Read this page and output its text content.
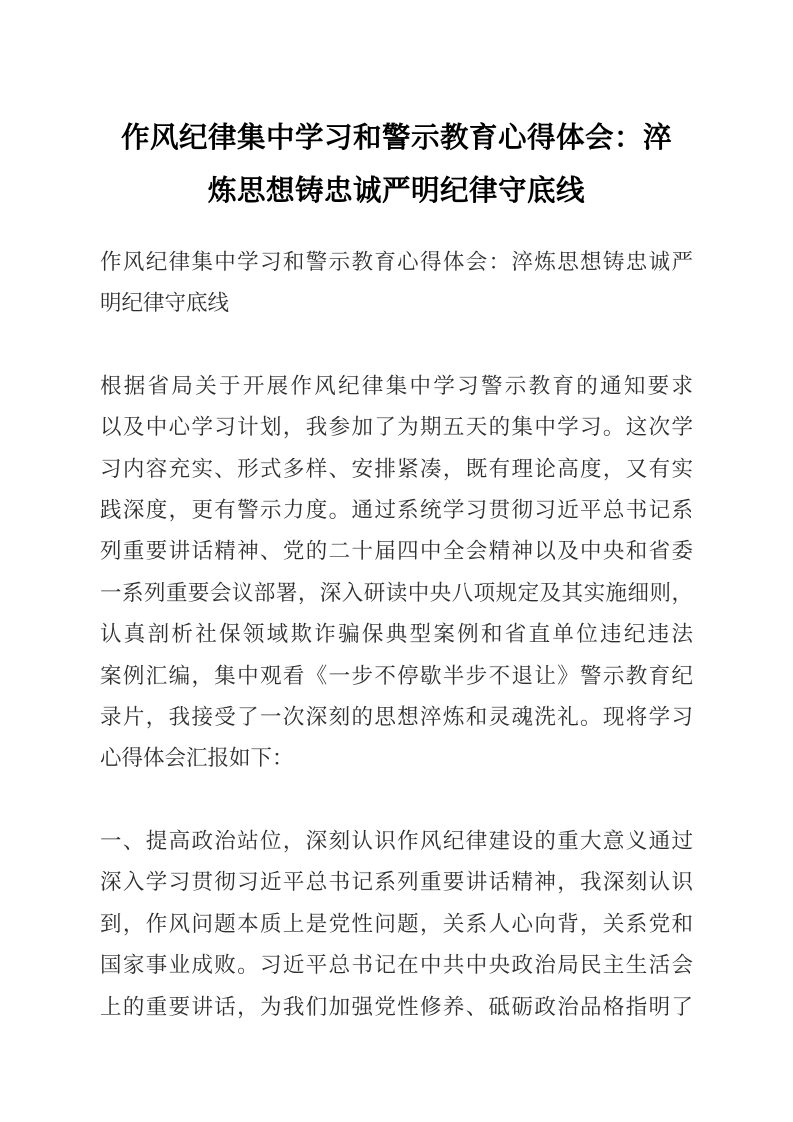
作风纪律集中学习和警示教育心得体会：淬
炼思想铸忠诚严明纪律守底线
作风纪律集中学习和警示教育心得体会：淬炼思想铸忠诚严
明纪律守底线
根据省局关于开展作风纪律集中学习警示教育的通知要求
以及中心学习计划，我参加了为期五天的集中学习。这次学
习内容充实、形式多样、安排紧凑，既有理论高度，又有实
践深度，更有警示力度。通过系统学习贯彻习近平总书记系
列重要讲话精神、党的二十届四中全会精神以及中央和省委
一系列重要会议部署，深入研读中央八项规定及其实施细则，
认真剖析社保领域欺诈骗保典型案例和省直单位违纪违法
案例汇编，集中观看《一步不停歇半步不退让》警示教育纪
录片，我接受了一次深刻的思想淬炼和灵魂洗礼。现将学习
心得体会汇报如下：
一、提高政治站位，深刻认识作风纪律建设的重大意义通过
深入学习贯彻习近平总书记系列重要讲话精神，我深刻认识
到，作风问题本质上是党性问题，关系人心向背，关系党和
国家事业成败。习近平总书记在中共中央政治局民主生活会
上的重要讲话，为我们加强党性修养、砥砺政治品格指明了
